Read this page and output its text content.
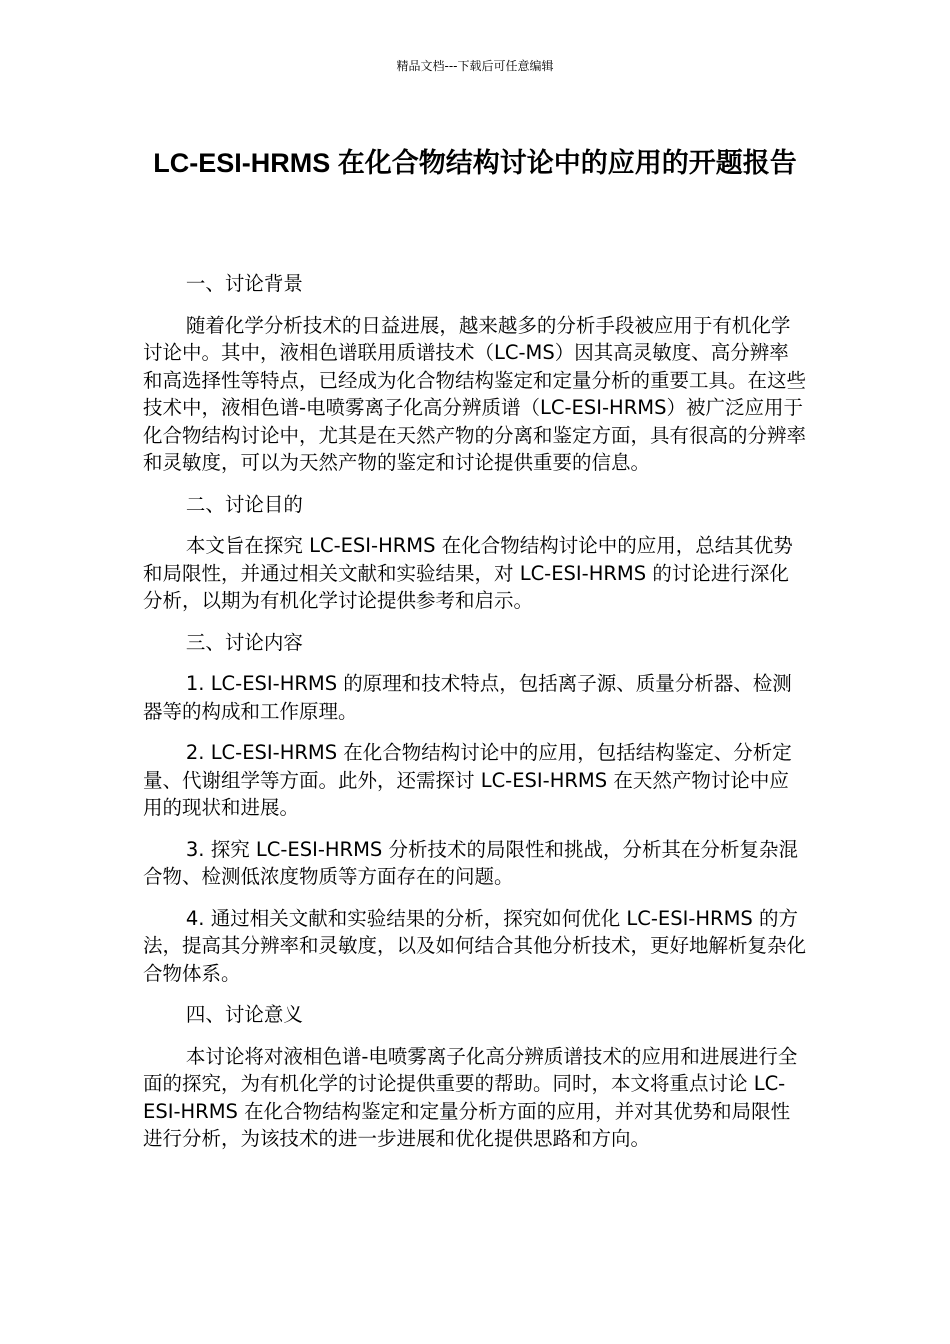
精品文档---下载后可任意编辑
LC-ESI-HRMS 在化合物结构讨论中的应用的开题报告

一、讨论背景

随着化学分析技术的日益进展，越来越多的分析手段被应用于有机化学讨论中。其中，液相色谱联用质谱技术（LC-MS）因其高灵敏度、高分辨率和高选择性等特点，已经成为化合物结构鉴定和定量分析的重要工具。在这些技术中，液相色谱-电喷雾离子化高分辨质谱（LC-ESI-HRMS）被广泛应用于化合物结构讨论中，尤其是在天然产物的分离和鉴定方面，具有很高的分辨率和灵敏度，可以为天然产物的鉴定和讨论提供重要的信息。

二、讨论目的

本文旨在探究 LC-ESI-HRMS 在化合物结构讨论中的应用，总结其优势和局限性，并通过相关文献和实验结果，对 LC-ESI-HRMS 的讨论进行深化分析，以期为有机化学讨论提供参考和启示。

三、讨论内容

1. LC-ESI-HRMS 的原理和技术特点，包括离子源、质量分析器、检测器等的构成和工作原理。

2. LC-ESI-HRMS 在化合物结构讨论中的应用，包括结构鉴定、分析定量、代谢组学等方面。此外，还需探讨 LC-ESI-HRMS 在天然产物讨论中应用的现状和进展。

3. 探究 LC-ESI-HRMS 分析技术的局限性和挑战，分析其在分析复杂混合物、检测低浓度物质等方面存在的问题。

4. 通过相关文献和实验结果的分析，探究如何优化 LC-ESI-HRMS 的方法，提高其分辨率和灵敏度，以及如何结合其他分析技术，更好地解析复杂化合物体系。

四、讨论意义

本讨论将对液相色谱-电喷雾离子化高分辨质谱技术的应用和进展进行全面的探究，为有机化学的讨论提供重要的帮助。同时，本文将重点讨论 LC-ESI-HRMS 在化合物结构鉴定和定量分析方面的应用，并对其优势和局限性进行分析，为该技术的进一步进展和优化提供思路和方向。
